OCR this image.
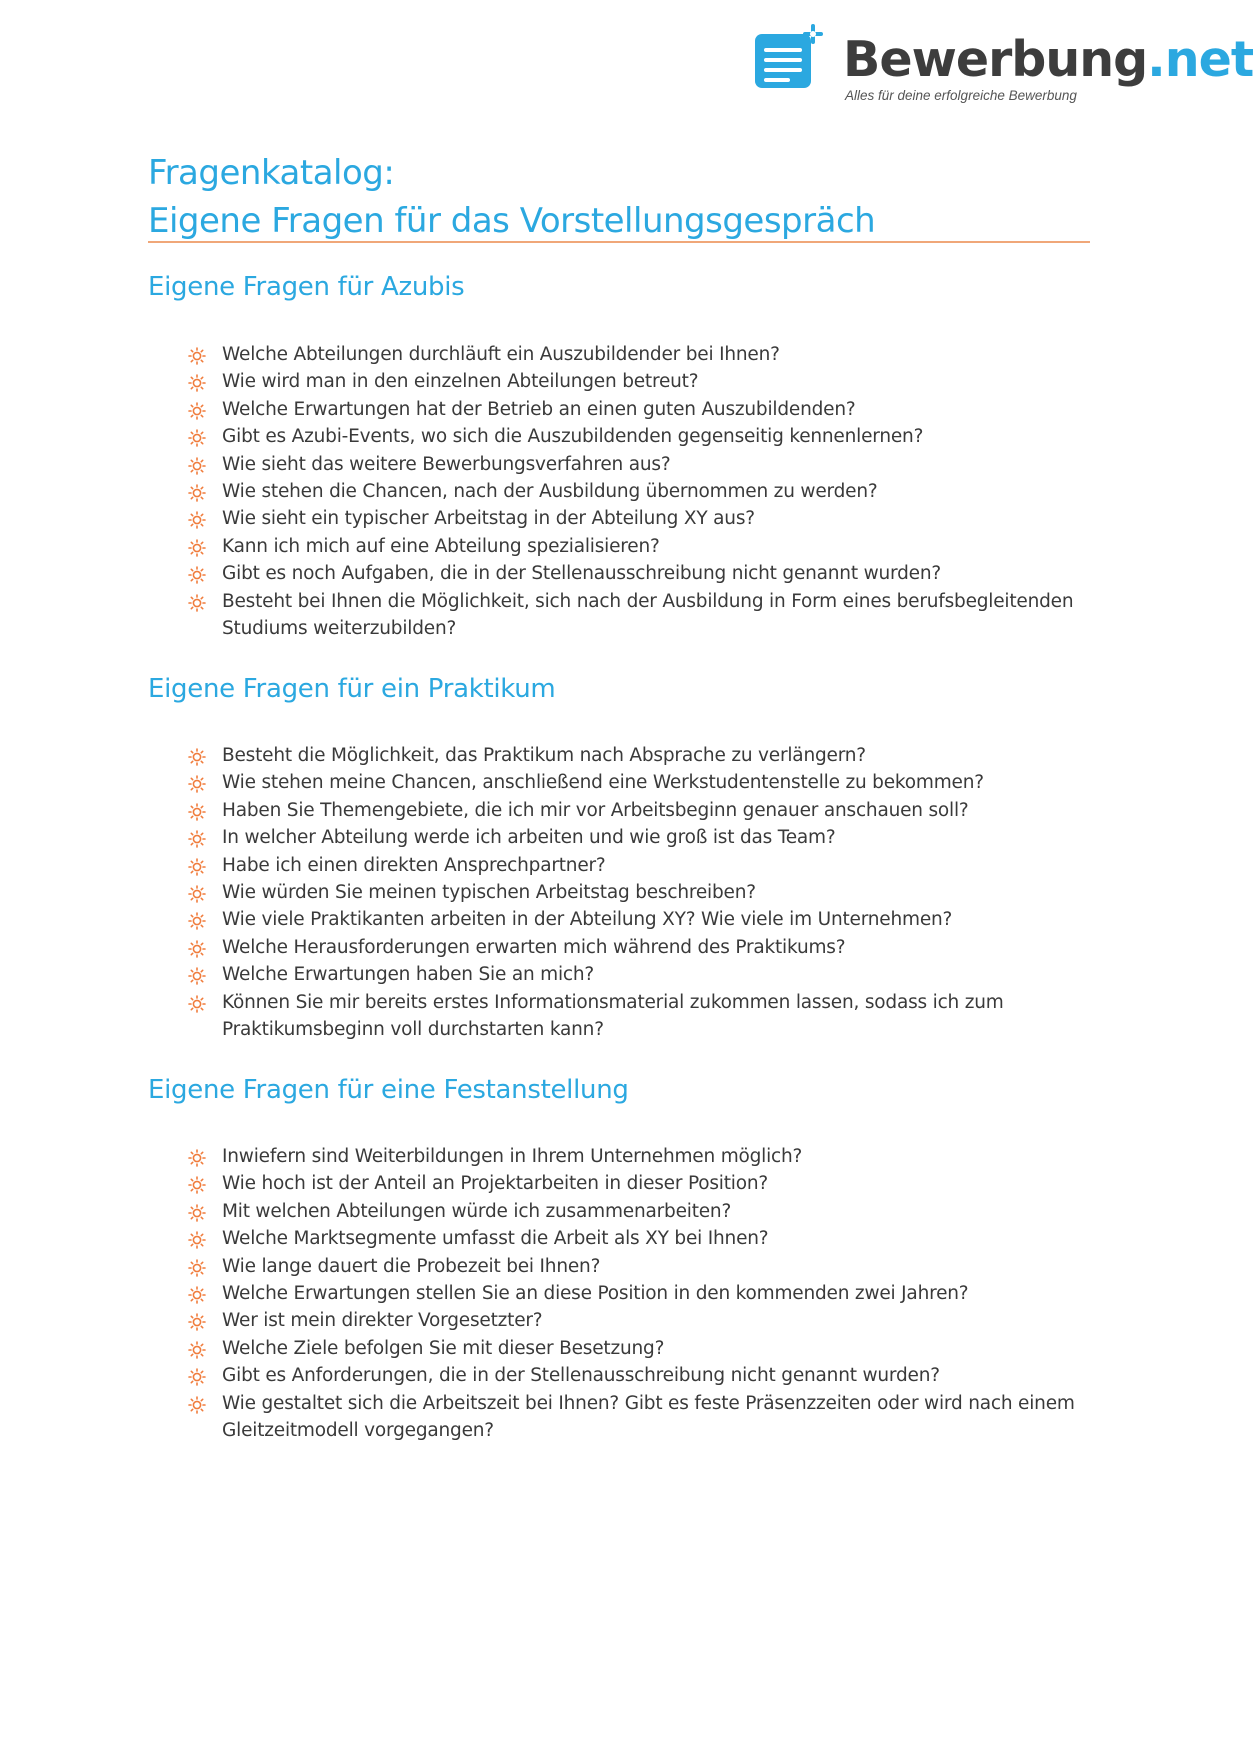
Bewerbung.net
Alles für deine erfolgreiche Bewerbung
Fragenkatalog:
Eigene Fragen für das Vorstellungsgespräch
Eigene Fragen für Azubis
Welche Abteilungen durchläuft ein Auszubildender bei Ihnen?
Wie wird man in den einzelnen Abteilungen betreut?
Welche Erwartungen hat der Betrieb an einen guten Auszubildenden?
Gibt es Azubi-Events, wo sich die Auszubildenden gegenseitig kennenlernen?
Wie sieht das weitere Bewerbungsverfahren aus?
Wie stehen die Chancen, nach der Ausbildung übernommen zu werden?
Wie sieht ein typischer Arbeitstag in der Abteilung XY aus?
Kann ich mich auf eine Abteilung spezialisieren?
Gibt es noch Aufgaben, die in der Stellenausschreibung nicht genannt wurden?
Besteht bei Ihnen die Möglichkeit, sich nach der Ausbildung in Form eines berufsbegleitenden Studiums weiterzubilden?
Eigene Fragen für ein Praktikum
Besteht die Möglichkeit, das Praktikum nach Absprache zu verlängern?
Wie stehen meine Chancen, anschließend eine Werkstudentenstelle zu bekommen?
Haben Sie Themengebiete, die ich mir vor Arbeitsbeginn genauer anschauen soll?
In welcher Abteilung werde ich arbeiten und wie groß ist das Team?
Habe ich einen direkten Ansprechpartner?
Wie würden Sie meinen typischen Arbeitstag beschreiben?
Wie viele Praktikanten arbeiten in der Abteilung XY? Wie viele im Unternehmen?
Welche Herausforderungen erwarten mich während des Praktikums?
Welche Erwartungen haben Sie an mich?
Können Sie mir bereits erstes Informationsmaterial zukommen lassen, sodass ich zum Praktikumsbeginn voll durchstarten kann?
Eigene Fragen für eine Festanstellung
Inwiefern sind Weiterbildungen in Ihrem Unternehmen möglich?
Wie hoch ist der Anteil an Projektarbeiten in dieser Position?
Mit welchen Abteilungen würde ich zusammenarbeiten?
Welche Marktsegmente umfasst die Arbeit als XY bei Ihnen?
Wie lange dauert die Probezeit bei Ihnen?
Welche Erwartungen stellen Sie an diese Position in den kommenden zwei Jahren?
Wer ist mein direkter Vorgesetzter?
Welche Ziele befolgen Sie mit dieser Besetzung?
Gibt es Anforderungen, die in der Stellenausschreibung nicht genannt wurden?
Wie gestaltet sich die Arbeitszeit bei Ihnen? Gibt es feste Präsenzzeiten oder wird nach einem Gleitzeitmodell vorgegangen?
